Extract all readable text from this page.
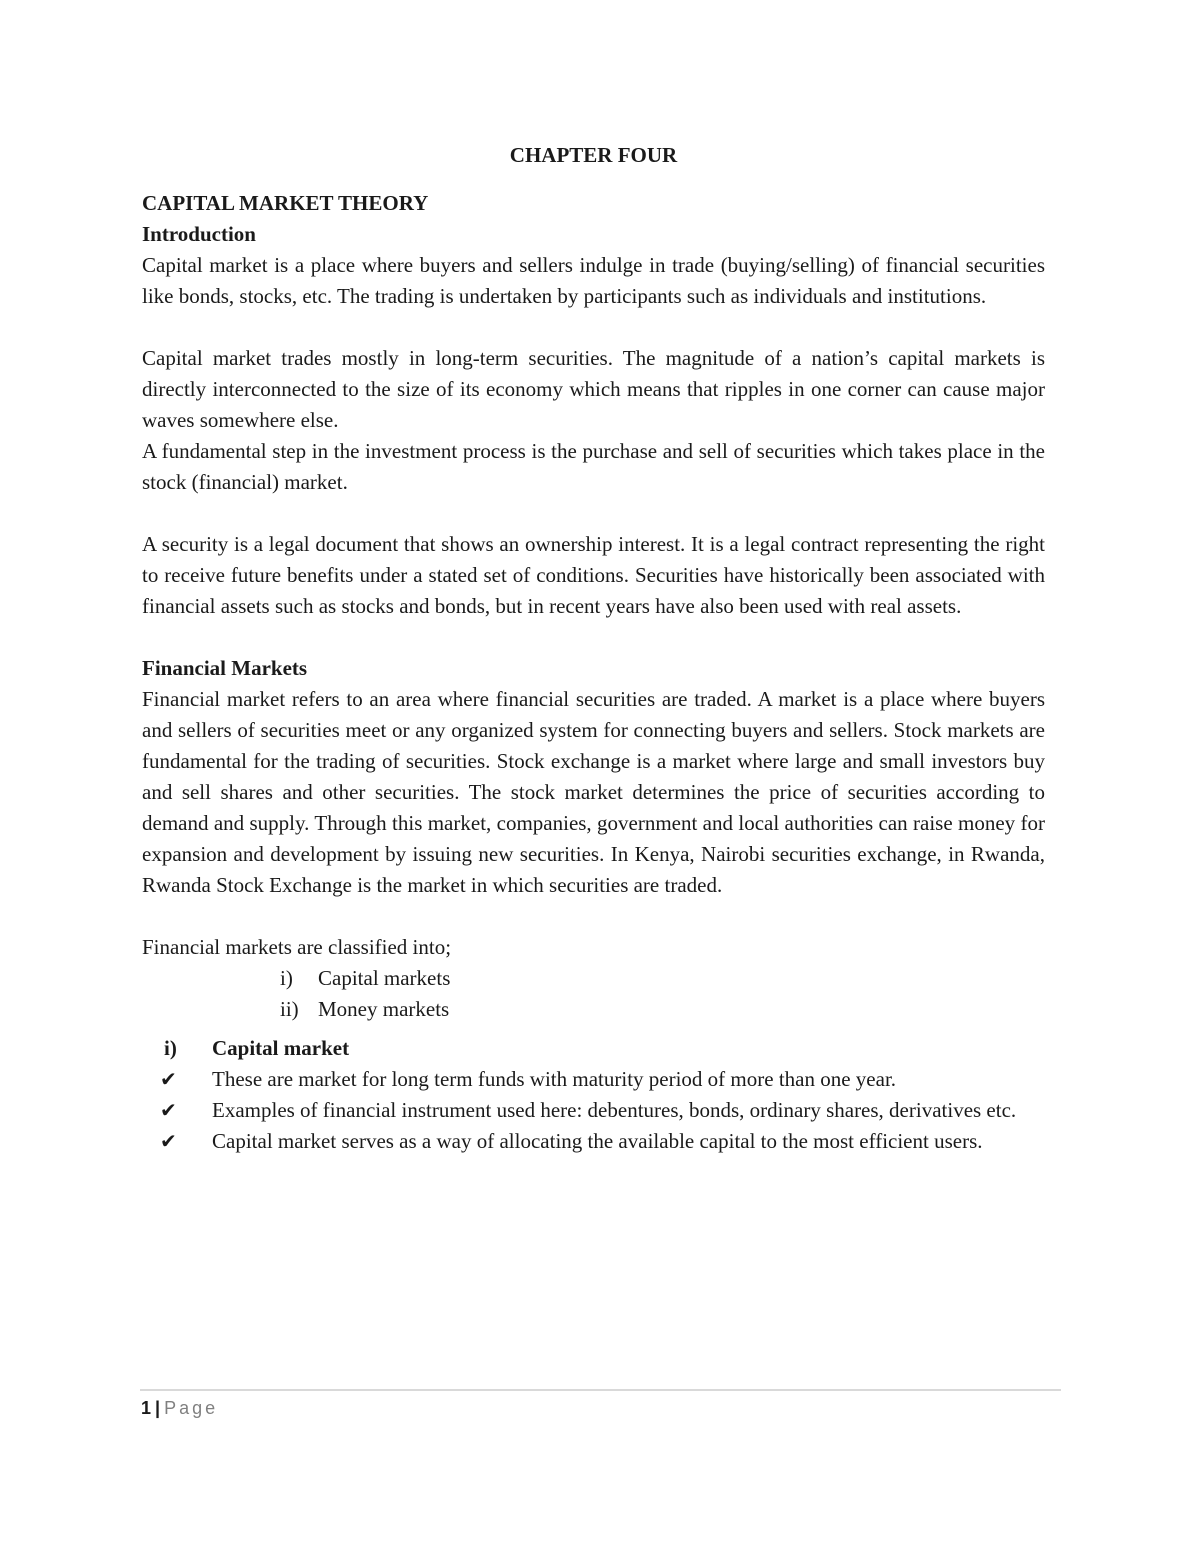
CHAPTER FOUR
CAPITAL MARKET THEORY
Introduction

Capital market is a place where buyers and sellers indulge in trade (buying/selling) of financial securities like bonds, stocks, etc. The trading is undertaken by participants such as individuals and institutions.

Capital market trades mostly in long-term securities. The magnitude of a nation’s capital markets is directly interconnected to the size of its economy which means that ripples in one corner can cause major waves somewhere else.

A fundamental step in the investment process is the purchase and sell of securities which takes place in the stock (financial) market.

A security is a legal document that shows an ownership interest. It is a legal contract representing the right to receive future benefits under a stated set of conditions. Securities have historically been associated with financial assets such as stocks and bonds, but in recent years have also been used with real assets.

Financial Markets

Financial market refers to an area where financial securities are traded. A market is a place where buyers and sellers of securities meet or any organized system for connecting buyers and sellers. Stock markets are fundamental for the trading of securities. Stock exchange is a market where large and small investors buy and sell shares and other securities. The stock market determines the price of securities according to demand and supply. Through this market, companies, government and local authorities can raise money for expansion and development by issuing new securities. In Kenya, Nairobi securities exchange, in Rwanda, Rwanda Stock Exchange is the market in which securities are traded.

Financial markets are classified into;
i) Capital markets
ii) Money markets
i) Capital market
✔ These are market for long term funds with maturity period of more than one year.
✔ Examples of financial instrument used here: debentures, bonds, ordinary shares, derivatives etc.
✔ Capital market serves as a way of allocating the available capital to the most efficient users.
1 | Page
